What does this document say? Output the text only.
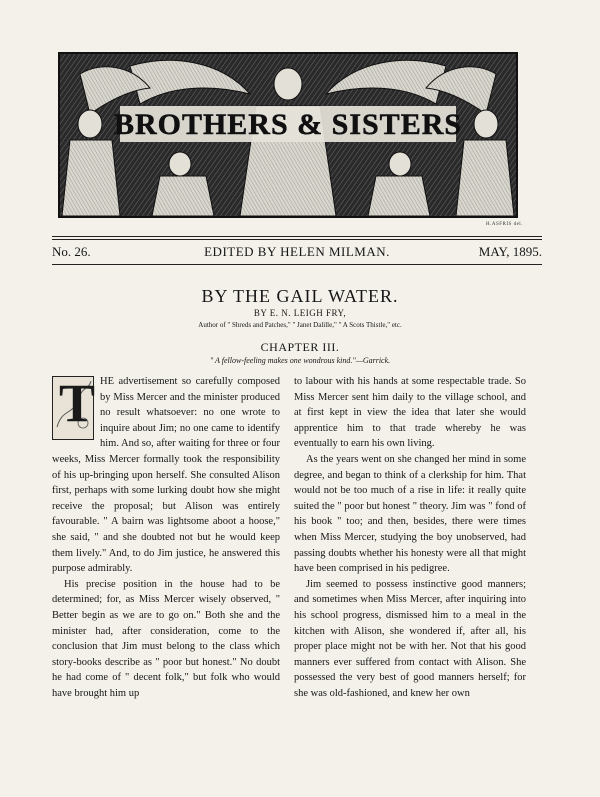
BROTHERS & SISTERS
H.ASFRIS del.
No. 26.	EDITED BY HELEN MILMAN.	MAY, 1895.
BY THE GAIL WATER.
BY E. N. LEIGH FRY,
Author of " Shreds and Patches," " Janet Dalille," " A Scots Thistle," etc.
CHAPTER III.
" A fellow-feeling makes one wondrous kind."—Garrick.

T HE advertisement so carefully composed by Miss Mercer and the minister produced no result whatsoever: no one wrote to inquire about Jim; no one came to identify him. And so, after waiting for three or four weeks, Miss Mercer formally took the responsibility of his up-bringing upon herself. She consulted Alison first, perhaps with some lurking doubt how she might receive the proposal; but Alison was entirely favourable. " A bairn was lightsome aboot a hoose," she said, " and she doubted not but he would keep them lively." And, to do Jim justice, he answered this purpose admirably.

His precise position in the house had to be determined; for, as Miss Mercer wisely observed, " Better begin as we are to go on." Both she and the minister had, after consideration, come to the conclusion that Jim must belong to the class which story-books describe as " poor but honest." No doubt he had come of " decent folk," but folk who would have brought him up

to labour with his hands at some respectable trade. So Miss Mercer sent him daily to the village school, and at first kept in view the idea that later she would apprentice him to that trade whereby he was eventually to earn his own living.

As the years went on she changed her mind in some degree, and began to think of a clerkship for him. That would not be too much of a rise in life: it really quite suited the " poor but honest " theory. Jim was " fond of his book " too; and then, besides, there were times when Miss Mercer, studying the boy unobserved, had passing doubts whether his honesty were all that might have been comprised in his pedigree.

Jim seemed to possess instinctive good manners; and sometimes when Miss Mercer, after inquiring into his school progress, dismissed him to a meal in the kitchen with Alison, she wondered if, after all, his proper place might not be with her. Not that his good manners ever suffered from contact with Alison. She possessed the very best of good manners herself; for she was old-fashioned, and knew her own
